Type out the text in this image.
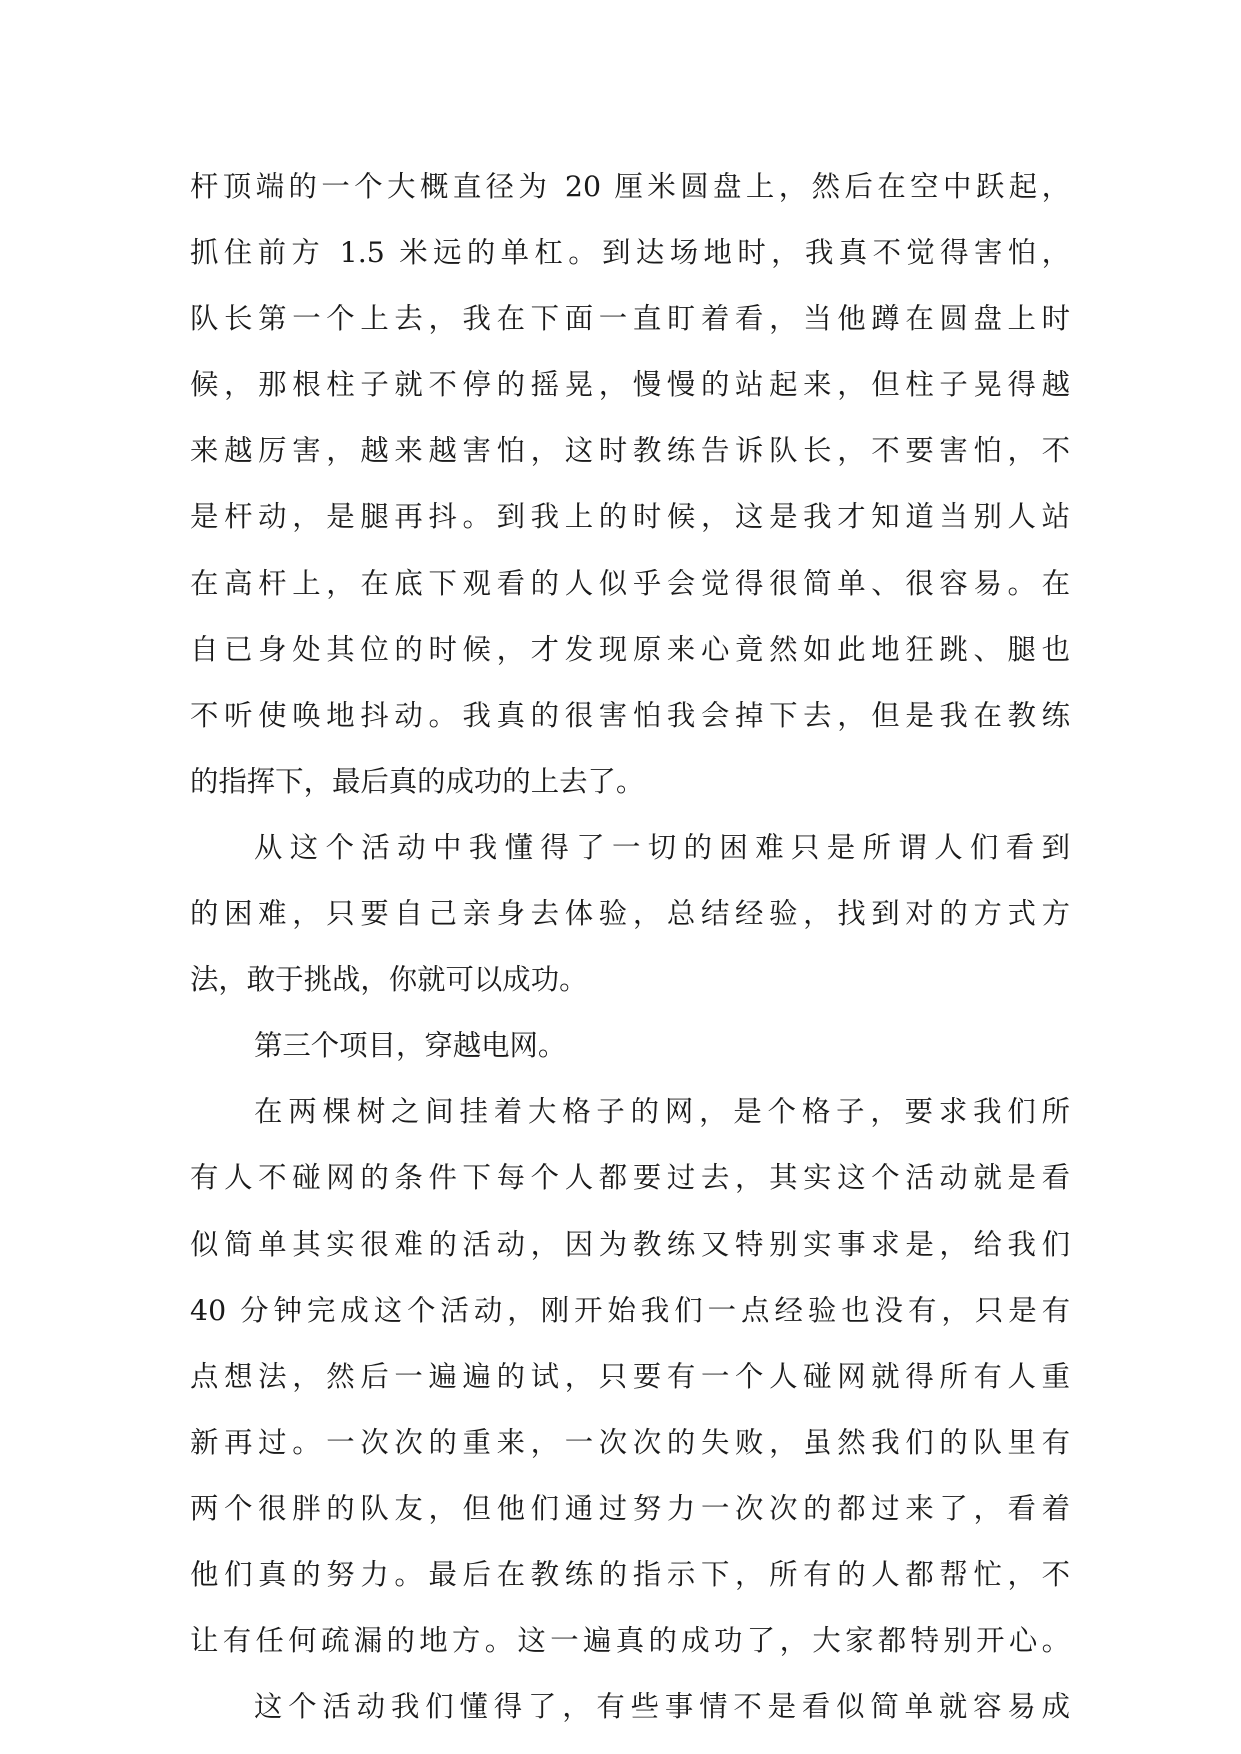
杆顶端的一个大概直径为 20 厘米圆盘上，然后在空中跃起，
抓住前方 1.5 米远的单杠。到达场地时，我真不觉得害怕，
队长第一个上去，我在下面一直盯着看，当他蹲在圆盘上时
候，那根柱子就不停的摇晃，慢慢的站起来，但柱子晃得越
来越厉害，越来越害怕，这时教练告诉队长，不要害怕，不
是杆动，是腿再抖。到我上的时候，这是我才知道当别人站
在高杆上，在底下观看的人似乎会觉得很简单、很容易。在
自已身处其位的时候，才发现原来心竟然如此地狂跳、腿也
不听使唤地抖动。我真的很害怕我会掉下去，但是我在教练
的指挥下，最后真的成功的上去了。
从这个活动中我懂得了一切的困难只是所谓人们看到
的困难，只要自己亲身去体验，总结经验，找到对的方式方
法，敢于挑战，你就可以成功。
第三个项目，穿越电网。
在两棵树之间挂着大格子的网，是个格子，要求我们所
有人不碰网的条件下每个人都要过去，其实这个活动就是看
似简单其实很难的活动，因为教练又特别实事求是，给我们
40 分钟完成这个活动，刚开始我们一点经验也没有，只是有
点想法，然后一遍遍的试，只要有一个人碰网就得所有人重
新再过。一次次的重来，一次次的失败，虽然我们的队里有
两个很胖的队友，但他们通过努力一次次的都过来了，看着
他们真的努力。最后在教练的指示下，所有的人都帮忙，不
让有任何疏漏的地方。这一遍真的成功了，大家都特别开心。
这个活动我们懂得了，有些事情不是看似简单就容易成
